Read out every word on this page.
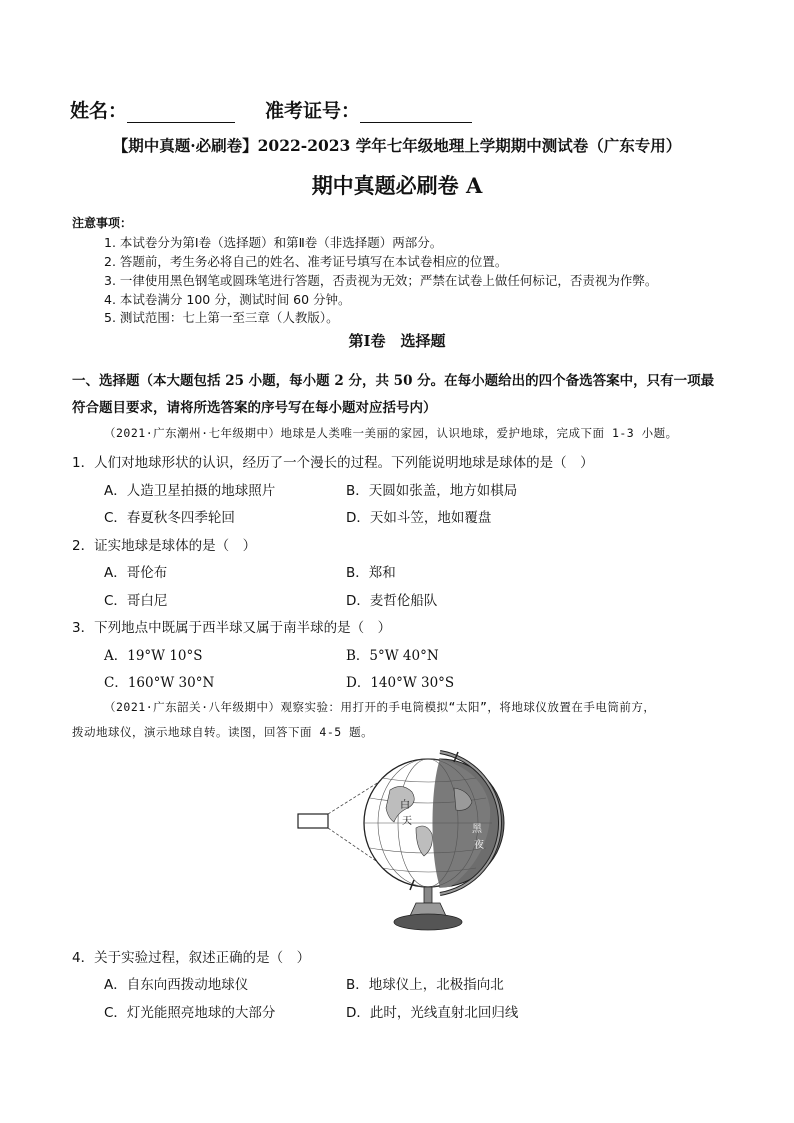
姓名：	准考证号：
【期中真题·必刷卷】2022-2023 学年七年级地理上学期期中测试卷（广东专用）
期中真题必刷卷 A
注意事项：
1. 本试卷分为第Ⅰ卷（选择题）和第Ⅱ卷（非选择题）两部分。
2. 答题前，考生务必将自己的姓名、准考证号填写在本试卷相应的位置。
3. 一律使用黑色钢笔或圆珠笔进行答题，否责视为无效；严禁在试卷上做任何标记，否责视为作弊。
4. 本试卷满分 100 分，测试时间 60 分钟。
5. 测试范围：七上第一至三章（人教版）。
第Ⅰ卷　选择题
一、选择题（本大题包括 25 小题，每小题 2 分，共 50 分。在每小题给出的四个备选答案中，只有一项最
符合题目要求，请将所选答案的序号写在每小题对应括号内）
（2021·广东潮州·七年级期中）地球是人类唯一美丽的家园，认识地球，爱护地球，完成下面 1-3 小题。
1．人们对地球形状的认识，经历了一个漫长的过程。下列能说明地球是球体的是（　）
A．人造卫星拍摄的地球照片	B．天圆如张盖，地方如棋局
C．春夏秋冬四季轮回	D．天如斗笠，地如覆盘
2．证实地球是球体的是（　）
A．哥伦布	B．郑和
C．哥白尼	D．麦哲伦船队
3．下列地点中既属于西半球又属于南半球的是（　）
A．19°W 10°S	B．5°W 40°N
C．160°W 30°N	D．140°W 30°S
（2021·广东韶关·八年级期中）观察实验：用打开的手电筒模拟“太阳”，将地球仪放置在手电筒前方，
拨动地球仪，演示地球自转。读图，回答下面 4-5 题。
白
天
黑
夜
4．关于实验过程，叙述正确的是（　）
A．自东向西拨动地球仪	B．地球仪上，北极指向北
C．灯光能照亮地球的大部分	D．此时，光线直射北回归线
